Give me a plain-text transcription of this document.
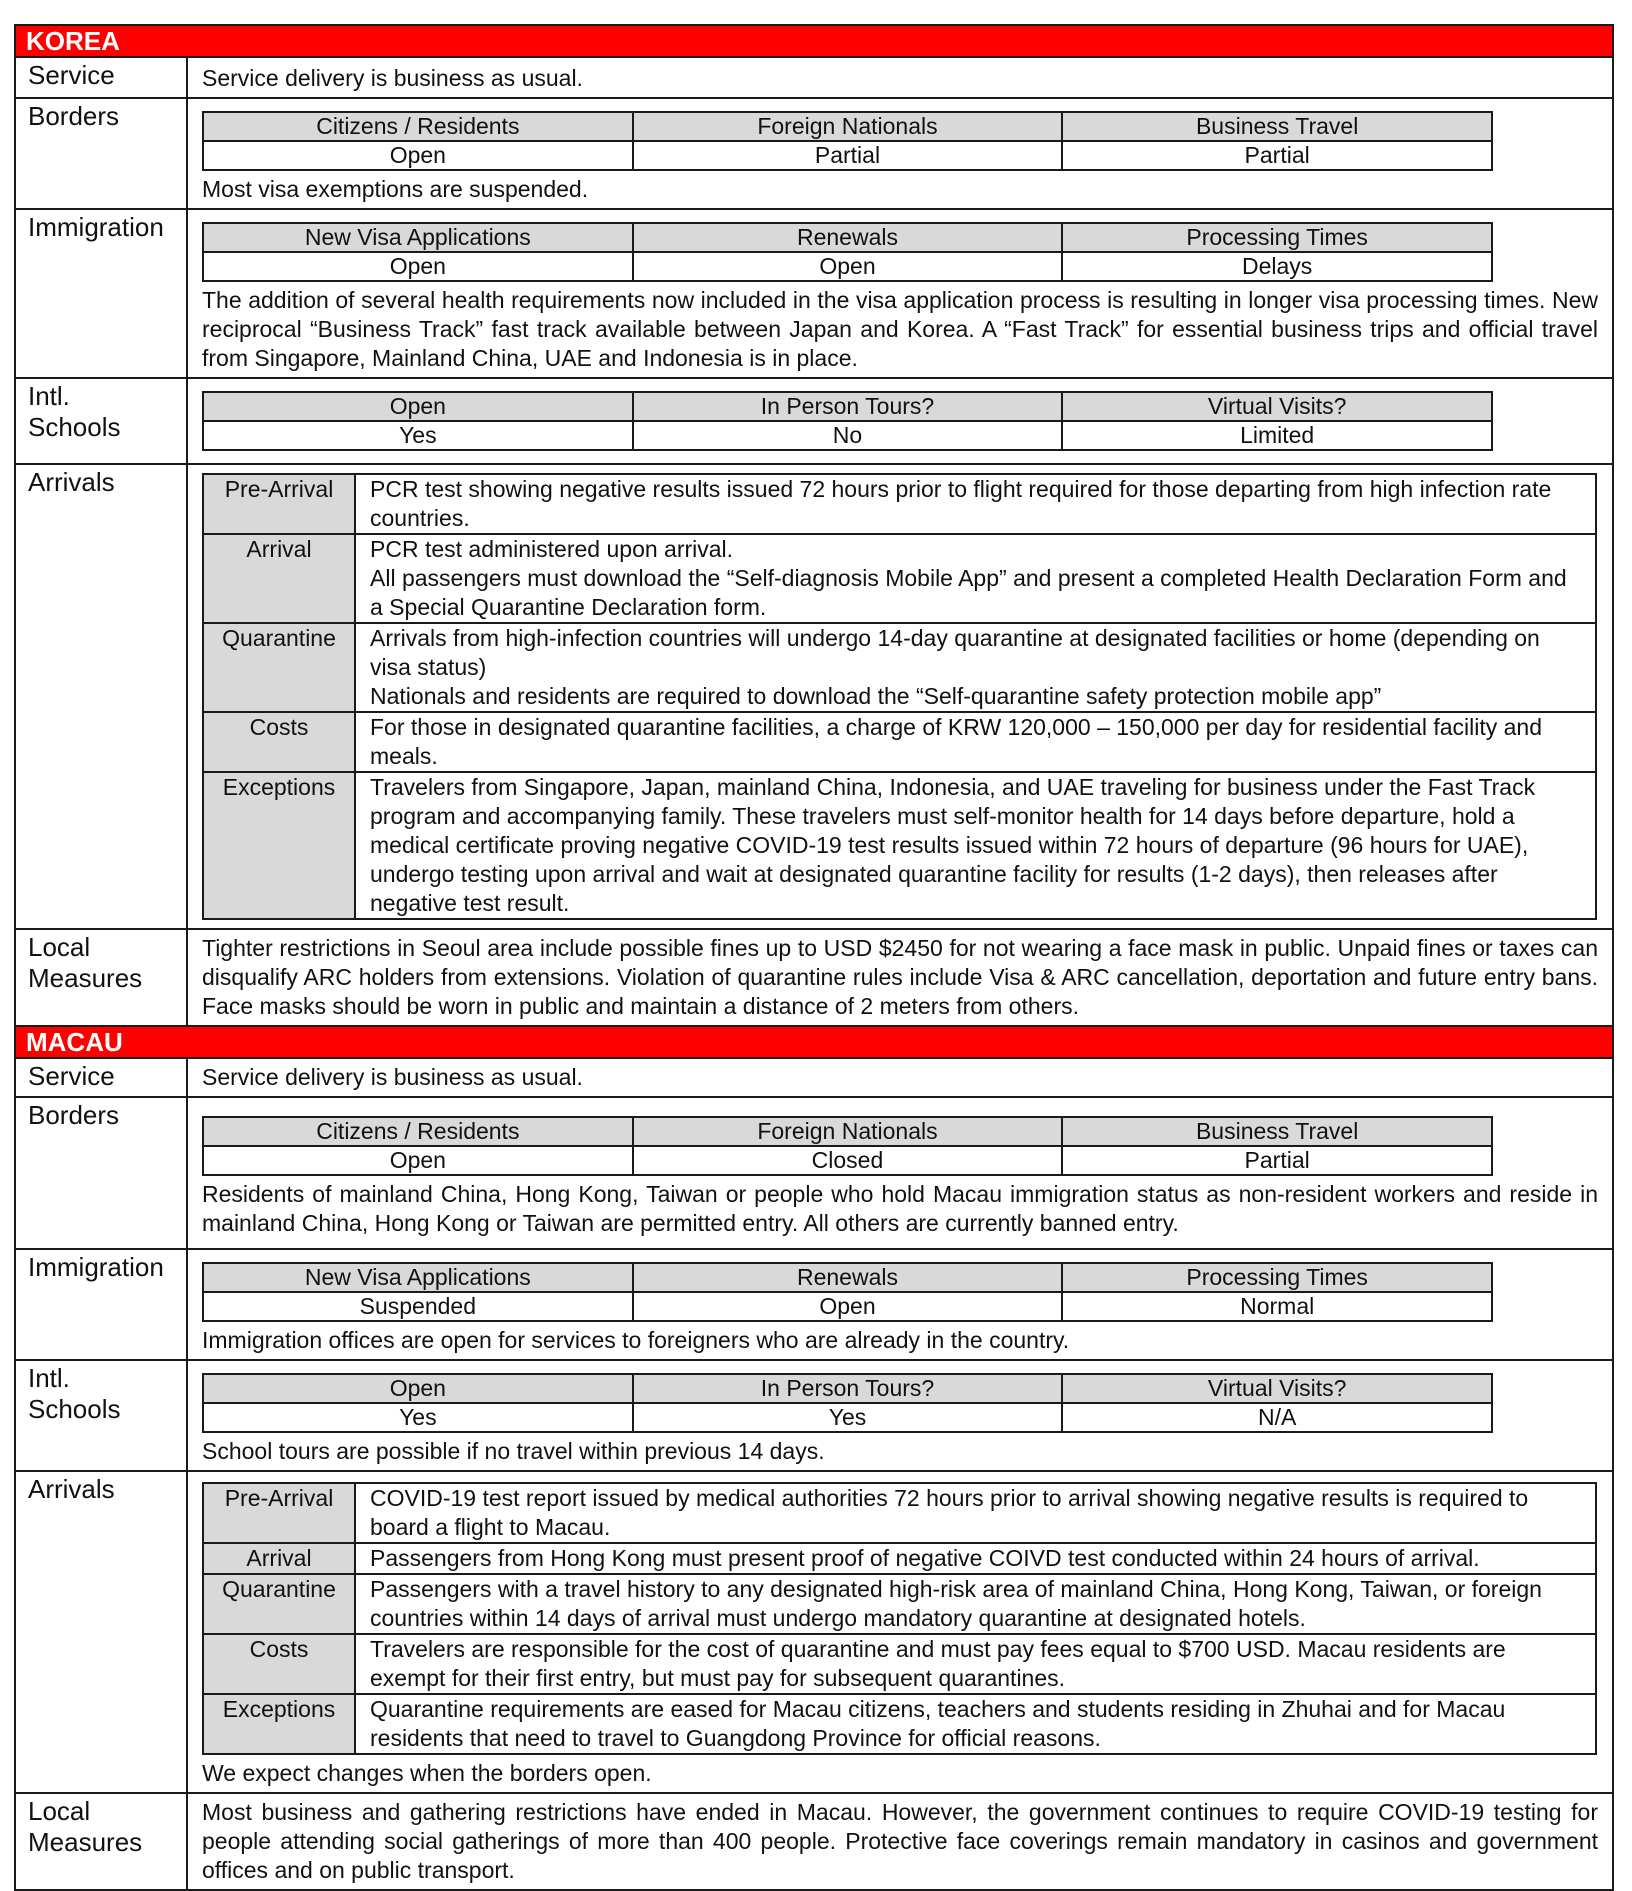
KOREA
Service	Service delivery is business as usual.

Borders		Citizens / Residents	Foreign Nationals	Business Travel
Open	Partial	Partial

Most visa exemptions are suspended.

Immigration		New Visa Applications	Renewals	Processing Times
Open	Open	Delays

The addition of several health requirements now included in the visa application process is resulting in longer visa processing times. New reciprocal “Business Track” fast track available between Japan and Korea. A “Fast Track” for essential business trips and official travel from Singapore, Mainland China, UAE and Indonesia is in place.

Intl.
Schools

Open	In Person Tours?	Virtual Visits?
Yes	No	Limited

Arrivals		Pre-Arrival	PCR test showing negative results issued 72 hours prior to flight required for those departing from high infection rate countries.

Arrival	PCR test administered upon arrival.
All passengers must download the “Self-diagnosis Mobile App” and present a completed Health Declaration Form and a Special Quarantine Declaration form.

Quarantine	Arrivals from high-infection countries will undergo 14-day quarantine at designated facilities or home (depending on visa status)
Nationals and residents are required to download the “Self-quarantine safety protection mobile app”

Costs	For those in designated quarantine facilities, a charge of KRW 120,000 – 150,000 per day for residential facility and meals.

Exceptions	Travelers from Singapore, Japan, mainland China, Indonesia, and UAE traveling for business under the Fast Track program and accompanying family. These travelers must self-monitor health for 14 days before departure, hold a medical certificate proving negative COVID-19 test results issued within 72 hours of departure (96 hours for UAE), undergo testing upon arrival and wait at designated quarantine facility for results (1-2 days), then releases after negative test result.

Local
Measures

Tighter restrictions in Seoul area include possible fines up to USD $2450 for not wearing a face mask in public. Unpaid fines or taxes can disqualify ARC holders from extensions. Violation of quarantine rules include Visa & ARC cancellation, deportation and future entry bans. Face masks should be worn in public and maintain a distance of 2 meters from others.

MACAU
Service	Service delivery is business as usual.

Borders	
Citizens / Residents	Foreign Nationals	Business Travel
Open	Closed	Partial

Residents of mainland China, Hong Kong, Taiwan or people who hold Macau immigration status as non-resident workers and reside in mainland China, Hong Kong or Taiwan are permitted entry. All others are currently banned entry.

Immigration		New Visa Applications	Renewals	Processing Times
Suspended	Open	Normal

Immigration offices are open for services to foreigners who are already in the country.

Intl.
Schools

Open	In Person Tours?	Virtual Visits?
Yes	Yes	N/A

School tours are possible if no travel within previous 14 days.

Arrivals		Pre-Arrival	COVID-19 test report issued by medical authorities 72 hours prior to arrival showing negative results is required to board a flight to Macau.

Arrival	Passengers from Hong Kong must present proof of negative COIVD test conducted within 24 hours of arrival.

Quarantine	Passengers with a travel history to any designated high-risk area of mainland China, Hong Kong, Taiwan, or foreign countries within 14 days of arrival must undergo mandatory quarantine at designated hotels.

Costs	Travelers are responsible for the cost of quarantine and must pay fees equal to $700 USD. Macau residents are exempt for their first entry, but must pay for subsequent quarantines.

Exceptions	Quarantine requirements are eased for Macau citizens, teachers and students residing in Zhuhai and for Macau residents that need to travel to Guangdong Province for official reasons.

We expect changes when the borders open.

Local
Measures

Most business and gathering restrictions have ended in Macau. However, the government continues to require COVID-19 testing for people attending social gatherings of more than 400 people. Protective face coverings remain mandatory in casinos and government offices and on public transport.
